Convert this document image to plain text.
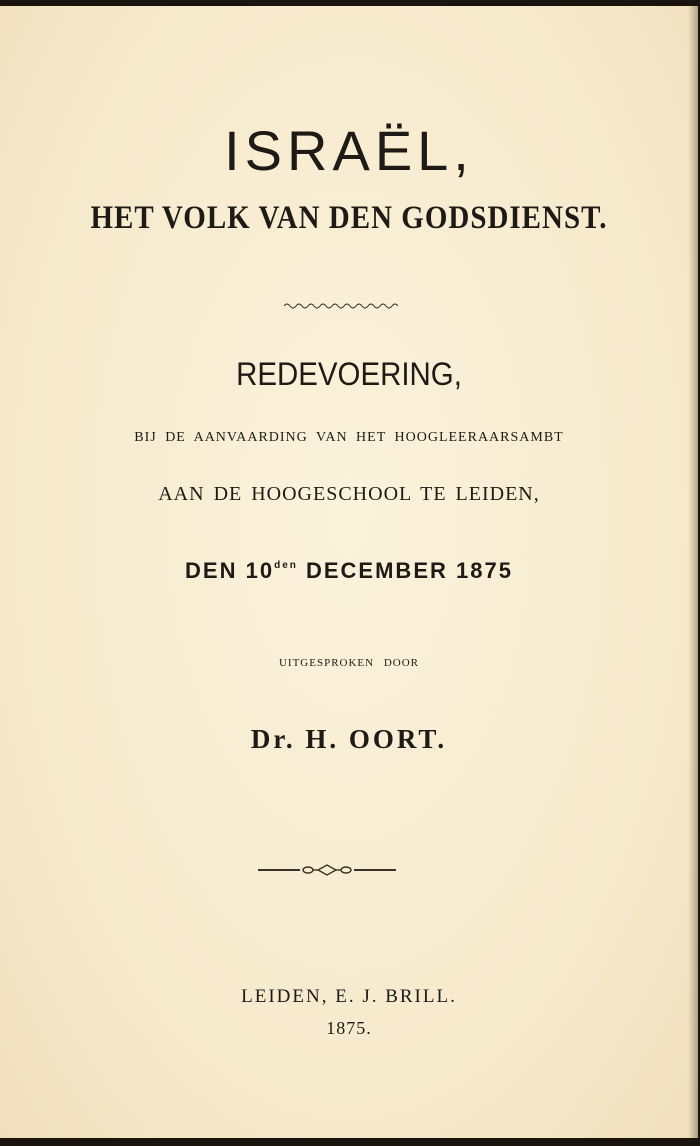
ISRAËL,
HET VOLK VAN DEN GODSDIENST.
REDEVOERING,
BIJ DE AANVAARDING VAN HET HOOGLEERAARSAMBT
AAN DE HOOGESCHOOL TE LEIDEN,
DEN $10^{den}$ DECEMBER 1875
UITGESPROKEN DOOR
Dr. H. OORT.
LEIDEN, E. J. BRILL.
1875.
